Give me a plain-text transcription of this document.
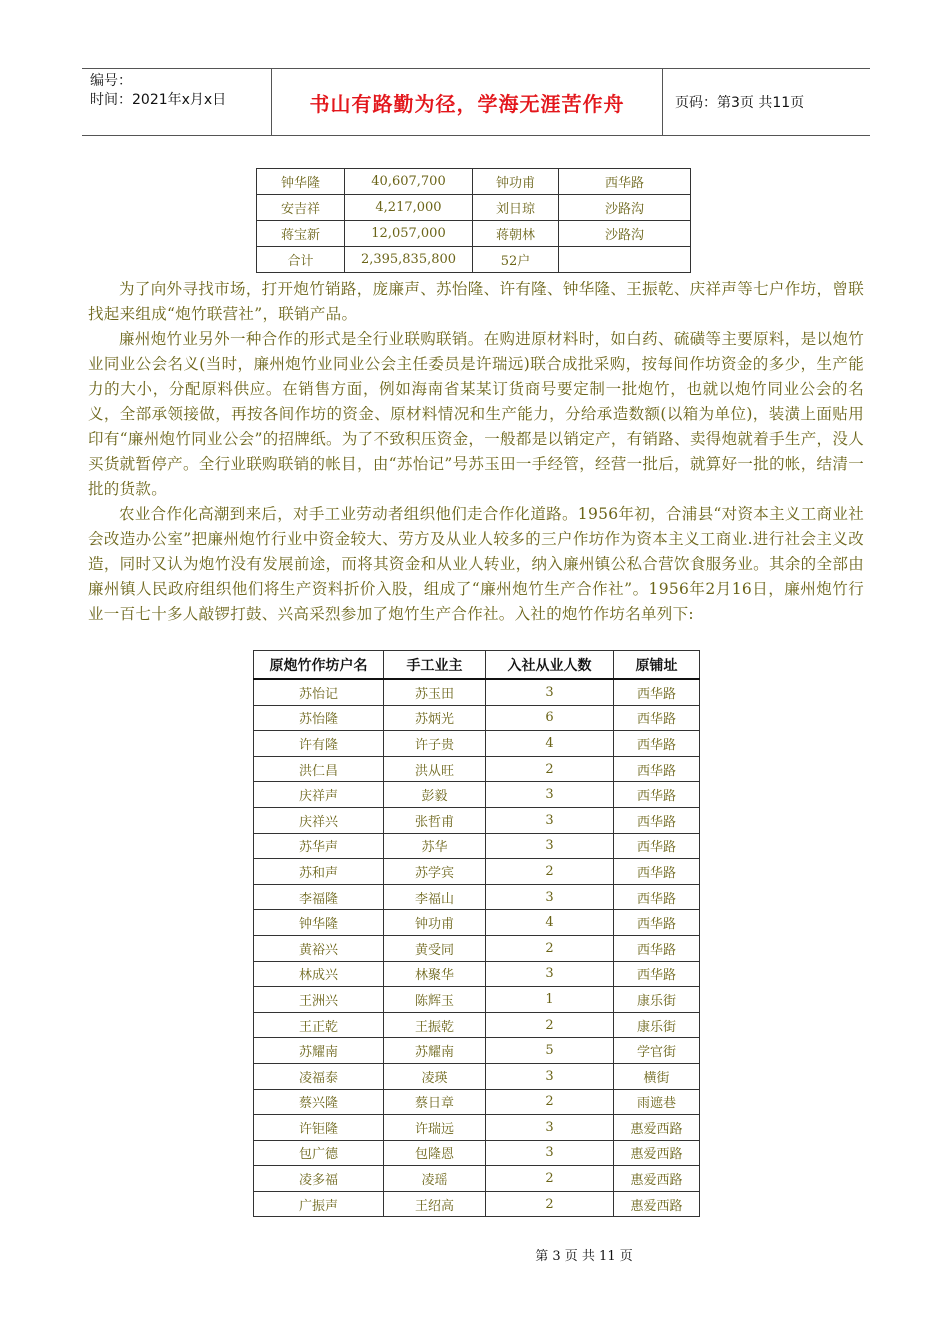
编号：
时间：2021年x月x日	书山有路勤为径，学海无涯苦作舟	页码：第3页 共11页
钟华隆	40,607,700	钟功甫	西华路
安吉祥	4,217,000	刘日琼	沙路沟
蒋宝新	12,057,000	蒋朝林	沙路沟
合计	2,395,835,800	52户	

为了向外寻找市场，打开炮竹销路，庞廉声、苏怡隆、许有隆、钟华隆、王振乾、庆祥声等七户作坊，曾联找起来组成“炮竹联营社”，联销产品。

廉州炮竹业另外一种合作的形式是全行业联购联销。在购进原材料时，如白药、硫磺等主要原料，是以炮竹业同业公会名义(当时，廉州炮竹业同业公会主任委员是许瑞远)联合成批采购，按每间作坊资金的多少，生产能力的大小，分配原料供应。在销售方面，例如海南省某某订货商号要定制一批炮竹，也就以炮竹同业公会的名义，全部承领接做，再按各间作坊的资金、原材料情况和生产能力，分给承造数额(以箱为单位)，装潢上面贴用印有“廉州炮竹同业公会”的招牌纸。为了不致积压资金，一般都是以销定产，有销路、卖得炮就着手生产，没人买货就暂停产。全行业联购联销的帐目，由“苏怡记”号苏玉田一手经管，经营一批后，就算好一批的帐，结清一批的货款。

农业合作化高潮到来后，对手工业劳动者组织他们走合作化道路。1956年初，合浦县“对资本主义工商业社会改造办公室”把廉州炮竹行业中资金较大、劳方及从业人较多的三户作坊作为资本主义工商业.进行社会主义改造，同时又认为炮竹没有发展前途，而将其资金和从业人转业，纳入廉州镇公私合营饮食服务业。其余的全部由廉州镇人民政府组织他们将生产资料折价入股，组成了“廉州炮竹生产合作社”。1956年2月16日，廉州炮竹行业一百七十多人敲锣打鼓、兴高采烈参加了炮竹生产合作社。入社的炮竹作坊名单列下:

原炮竹作坊户名	手工业主	入社从业人数	原铺址
苏怡记	苏玉田	3	西华路
苏怡隆	苏炳光	6	西华路
许有隆	许子贵	4	西华路
洪仁昌	洪从旺	2	西华路
庆祥声	彭毅	3	西华路
庆祥兴	张哲甫	3	西华路
苏华声	苏华	3	西华路
苏和声	苏学宾	2	西华路
李福隆	李福山	3	西华路
钟华隆	钟功甫	4	西华路
黄裕兴	黄受同	2	西华路
林成兴	林聚华	3	西华路
王洲兴	陈辉玉	1	康乐街
王正乾	王振乾	2	康乐街
苏耀南	苏耀南	5	学官街
凌福泰	凌瑛	3	横街
蔡兴隆	蔡日章	2	雨遮巷
许钜隆	许瑞远	3	惠爱西路
包广德	包隆恩	3	惠爱西路
凌多福	凌瑶	2	惠爱西路
广振声	王绍高	2	惠爱西路
第 3 页 共 11 页
